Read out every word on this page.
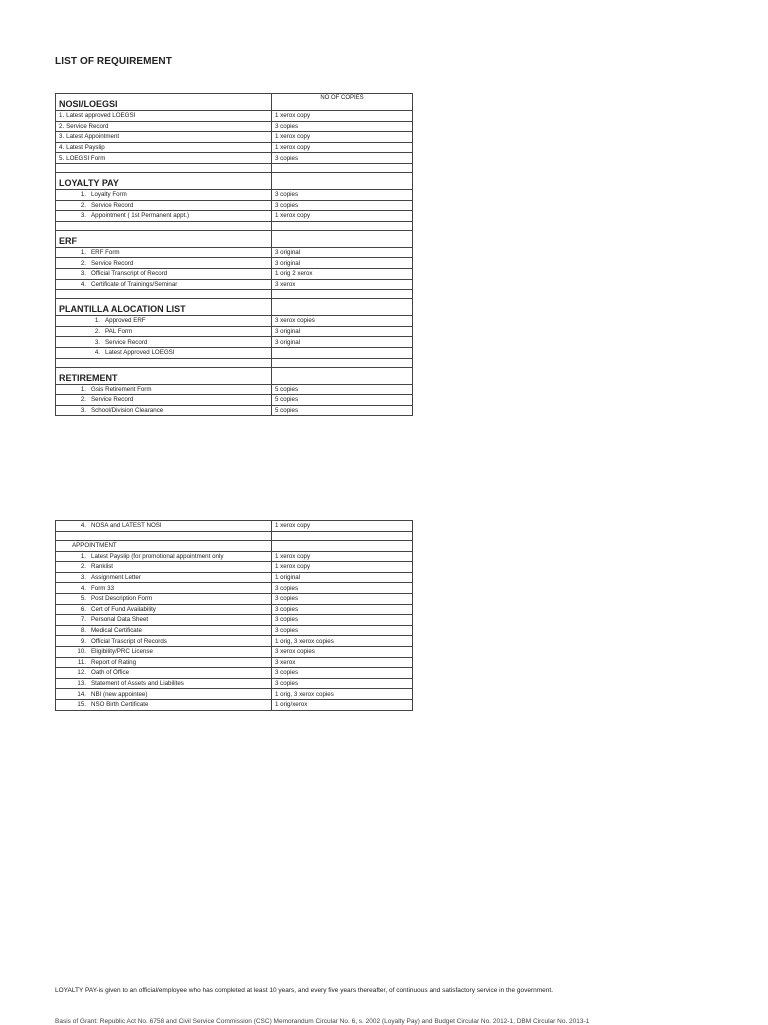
LIST OF REQUIREMENT
NOSI/LOEGSI	NO OF COPIES
1. Latest approved LOEGSI	1 xerox copy
2. Service Record	3 copies
3. Latest Appointment	1 xerox copy
4. Latest Payslip	1 xerox copy
5. LOEGSI Form	3 copies

LOYALTY PAY	
1. Loyalty Form	3 copies
2. Service Record	3 copies
3. Appointment ( 1st Permanent appt.)	1 xerox copy

ERF	
1. ERF Form	3 original
2. Service Record	3 original
3. Official Transcript of Record	1 orig 2 xerox
4. Certificate of Trainings/Seminar	3 xerox

PLANTILLA ALOCATION LIST	
1. Approved ERF	3 xerox copies
2. PAL Form	3 original
3. Service Record	3 original
4. Latest Approved LOEGSI	

RETIREMENT	
1. Gsis Retirement Form	5 copies
2. Service Record	5 copies
3. School/Division Clearance	5 copies
4. NOSA and LATEST NOSI	1 xerox copy

APPOINTMENT	
1. Latest Payslip (for promotional appointment only	1 xerox copy
2. Ranklist	1 xerox copy
3. Assignment Letter	1 original
4. Form 33	3 copies
5. Post Description Form	3 copies
6. Cert of Fund Availability	3 copies
7. Personal Data Sheet	3 copies
8. Medical Certificate	3 copies
9. Official Trascript of Records	1 orig, 3 xerox copies
10. Eligibility/PRC License	3 xerox copies
11. Report of Rating	3 xerox
12. Oath of Office	3 copies
13. Statement of Assets and Liabilites	3 copies
14. NBI (new appointee)	1 orig, 3 xerox copies
15. NSO Birth Certificate	1 orig/xerox

LOYALTY PAY-is given to an official/employee who has completed at least 10 years, and every five years thereafter, of continuous and satisfactory service in the government.

Basis of Grant: Republic Act No. 6758 and Civil Service Commission (CSC) Memorandum Circular No. 6, s. 2002 (Loyalty Pay) and Budget Circular No. 2012-1, DBM Circular No. 2013-1
